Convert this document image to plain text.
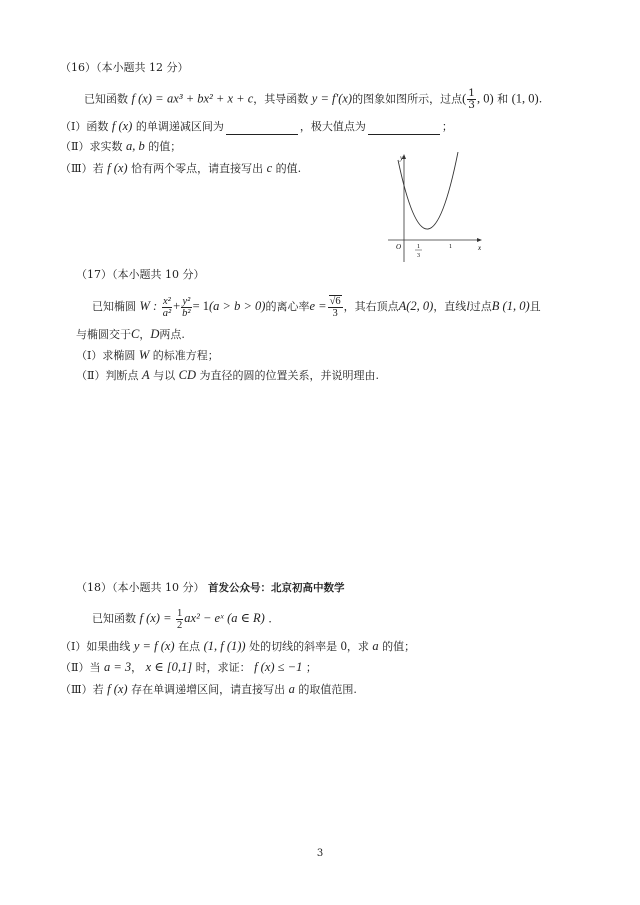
（16）（本小题共 12 分）
已知函数 f (x) = ax³ + bx² + x + c，其导函数 y = f′(x)的图象如图所示，过点( $\frac{1}{3}$ , 0) 和 (1, 0).
（Ⅰ）函数 f (x) 的单调递减区间为	，极大值点为	；
（Ⅱ）求实数 a, b 的值；
（Ⅲ）若 f (x) 恰有两个零点，请直接写出 c 的值.
y
x
O	1
3
1
（17）（本小题共 10 分）
已知椭圆 W : $\frac{\text{x²}}{\text{a²}} + \frac{\text{y²}}{\text{b²}} = 1(a > b > 0)$的离心率$e = \frac{√6}{3}$ ，其右顶点A(2, 0)，直线l过点B (1, 0)且
与椭圆交于C，D两点.
（Ⅰ）求椭圆 W 的标准方程；
（Ⅱ）判断点 A 与以 CD 为直径的圆的位置关系，并说明理由.
（18）（本小题共 10 分） 首发公众号：北京初高中数学
已知函数 f $(x) = \frac{1}{2} ax^2$ − eˣ (a ∈ R) ．
（Ⅰ）如果曲线 y = f (x) 在点 (1, f (1)) 处的切线的斜率是 0，求 a 的值；
（Ⅱ）当 a = 3， x ∈ [0,1] 时，求证： f (x) ≤ −1 ；
（Ⅲ）若 f (x) 存在单调递增区间，请直接写出 a 的取值范围.
3
